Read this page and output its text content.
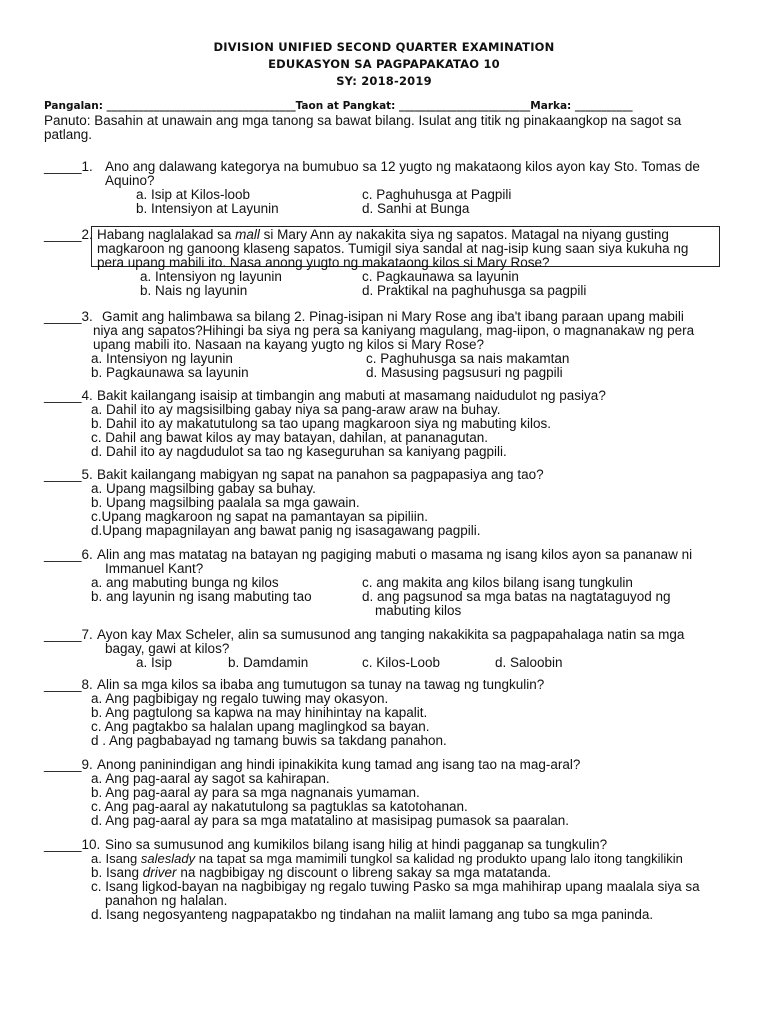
DIVISION UNIFIED SECOND QUARTER EXAMINATION
EDUKASYON SA PAGPAPAKATAO 10
SY: 2018-2019
Pangalan: ____________________________________Taon at Pangkat: _________________________Marka: ___________
Panuto: Basahin at unawain ang mga tanong sa bawat bilang. Isulat ang titik ng pinakaangkop na sagot sa
patlang.
_____1. Ano ang dalawang kategorya na bumubuo sa 12 yugto ng makataong kilos ayon kay Sto. Tomas de
Aquino?
a. Isip at Kilos-loob
b. Intensiyon at Layunin
c. Paghuhusga at Pagpili
d. Sanhi at Bunga
_____2. Habang naglalakad sa mall si Mary Ann ay nakakita siya ng sapatos. Matagal na niyang gusting
magkaroon ng ganoong klaseng sapatos. Tumigil siya sandal at nag-isip kung saan siya kukuha ng
pera upang mabili ito. Nasa anong yugto ng makataong kilos si Mary Rose?
a. Intensiyon ng layunin
b. Nais ng layunin
c. Pagkaunawa sa layunin
d. Praktikal na paghuhusga sa pagpili
_____3. Gamit ang halimbawa sa bilang 2. Pinag-isipan ni Mary Rose ang iba't ibang paraan upang mabili
niya ang sapatos?Hihingi ba siya ng pera sa kaniyang magulang, mag-iipon, o magnanakaw ng pera
upang mabili ito. Nasaan na kayang yugto ng kilos si Mary Rose?
a. Intensiyon ng layunin
b. Pagkaunawa sa layunin
c. Paghuhusga sa nais makamtan
d. Masusing pagsusuri ng pagpili
_____4. Bakit kailangang isaisip at timbangin ang mabuti at masamang naidudulot ng pasiya?
a. Dahil ito ay magsisilbing gabay niya sa pang-araw araw na buhay.
b. Dahil ito ay makatutulong sa tao upang magkaroon siya ng mabuting kilos.
c. Dahil ang bawat kilos ay may batayan, dahilan, at pananagutan.
d. Dahil ito ay nagdudulot sa tao ng kaseguruhan sa kaniyang pagpili.
_____5. Bakit kailangang mabigyan ng sapat na panahon sa pagpapasiya ang tao?
a. Upang magsilbing gabay sa buhay.
b. Upang magsilbing paalala sa mga gawain.
c.Upang magkaroon ng sapat na pamantayan sa pipiliin.
d.Upang mapagnilayan ang bawat panig ng isasagawang pagpili.
_____6. Alin ang mas matatag na batayan ng pagiging mabuti o masama ng isang kilos ayon sa pananaw ni
Immanuel Kant?
a. ang mabuting bunga ng kilos
b. ang layunin ng isang mabuting tao
c. ang makita ang kilos bilang isang tungkulin
d. ang pagsunod sa mga batas na nagtataguyod ng
mabuting kilos
_____7. Ayon kay Max Scheler, alin sa sumusunod ang tanging nakakikita sa pagpapahalaga natin sa mga
bagay, gawi at kilos?
a. Isip	b. Damdamin	c. Kilos-Loob	d. Saloobin
_____8. Alin sa mga kilos sa ibaba ang tumutugon sa tunay na tawag ng tungkulin?
a. Ang pagbibigay ng regalo tuwing may okasyon.
b. Ang pagtulong sa kapwa na may hinihintay na kapalit.
c. Ang pagtakbo sa halalan upang maglingkod sa bayan.
d . Ang pagbabayad ng tamang buwis sa takdang panahon.
_____9. Anong paninindigan ang hindi ipinakikita kung tamad ang isang tao na mag-aral?
a. Ang pag-aaral ay sagot sa kahirapan.
b. Ang pag-aaral ay para sa mga nagnanais yumaman.
c. Ang pag-aaral ay nakatutulong sa pagtuklas sa katotohanan.
d. Ang pag-aaral ay para sa mga matatalino at masisipag pumasok sa paaralan.
_____10. Sino sa sumusunod ang kumikilos bilang isang hilig at hindi pagganap sa tungkulin?
a. Isang saleslady na tapat sa mga mamimili tungkol sa kalidad ng produkto upang lalo itong tangkilikin
b. Isang driver na nagbibigay ng discount o libreng sakay sa mga matatanda.
c. Isang ligkod-bayan na nagbibigay ng regalo tuwing Pasko sa mga mahihirap upang maalala siya sa
panahon ng halalan.
d. Isang negosyanteng nagpapatakbo ng tindahan na maliit lamang ang tubo sa mga paninda.
